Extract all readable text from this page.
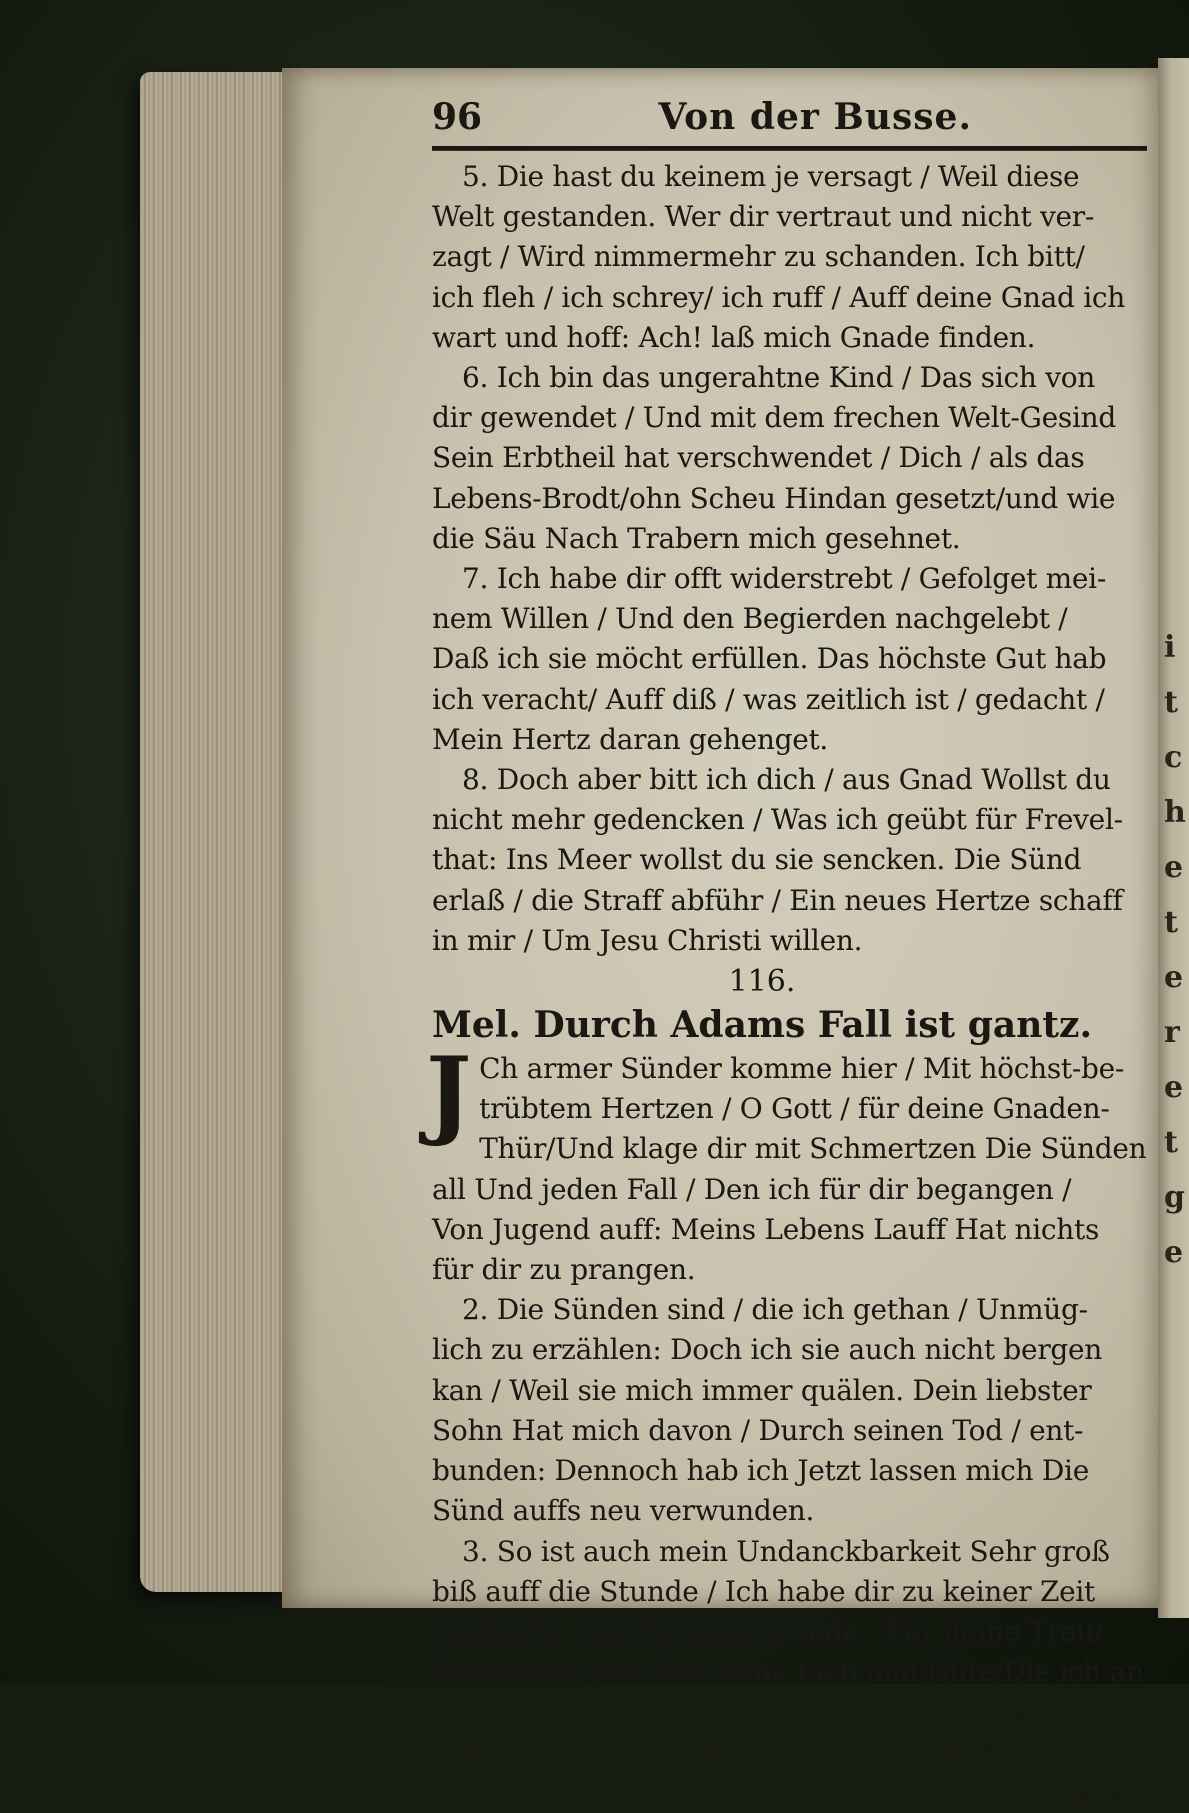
96	Von der Busse.
5. Die hast du keinem je versagt / Weil diese
Welt gestanden. Wer dir vertraut und nicht ver-
zagt / Wird nimmermehr zu schanden. Ich bitt/
ich fleh / ich schrey/ ich ruff / Auff deine Gnad ich
wart und hoff: Ach! laß mich Gnade finden.
6. Ich bin das ungerahtne Kind / Das sich von
dir gewendet / Und mit dem frechen Welt-Gesind
Sein Erbtheil hat verschwendet / Dich / als das
Lebens-Brodt/ohn Scheu Hindan gesetzt/und wie
die Säu Nach Trabern mich gesehnet.
7. Ich habe dir offt widerstrebt / Gefolget mei-
nem Willen / Und den Begierden nachgelebt /
Daß ich sie möcht erfüllen. Das höchste Gut hab
ich veracht/ Auff diß / was zeitlich ist / gedacht /
Mein Hertz daran gehenget.
8. Doch aber bitt ich dich / aus Gnad Wollst du
nicht mehr gedencken / Was ich geübt für Frevel-
that: Ins Meer wollst du sie sencken. Die Sünd
erlaß / die Straff abführ / Ein neues Hertze schaff
in mir / Um Jesu Christi willen.
116.
Mel. Durch Adams Fall ist gantz.
J Ch armer Sünder komme hier / Mit höchst-be-
trübtem Hertzen / O Gott / für deine Gnaden-
Thür/Und klage dir mit Schmertzen Die Sünden
all Und jeden Fall / Den ich für dir begangen /
Von Jugend auff: Meins Lebens Lauff Hat nichts
für dir zu prangen.
2. Die Sünden sind / die ich gethan / Unmüg-
lich zu erzählen: Doch ich sie auch nicht bergen
kan / Weil sie mich immer quälen. Dein liebster
Sohn Hat mich davon / Durch seinen Tod / ent-
bunden: Dennoch hab ich Jetzt lassen mich Die
Sünd auffs neu verwunden.
3. So ist auch mein Undanckbarkeit Sehr groß
biß auff die Stunde / Ich habe dir zu keiner Zeit
Gedanckt von Hertzen-Grunde / Für deine Treu/
Die täglich neu/Für deine Lieb und Güte/Die ich an
mir Gar reichlich spür/Und stets trag im Gemühte.
4. Fürnemlich hast du mit Gedult Bißhero
mein
i
t
c
h
e
t
e
r
e
t
g
e
